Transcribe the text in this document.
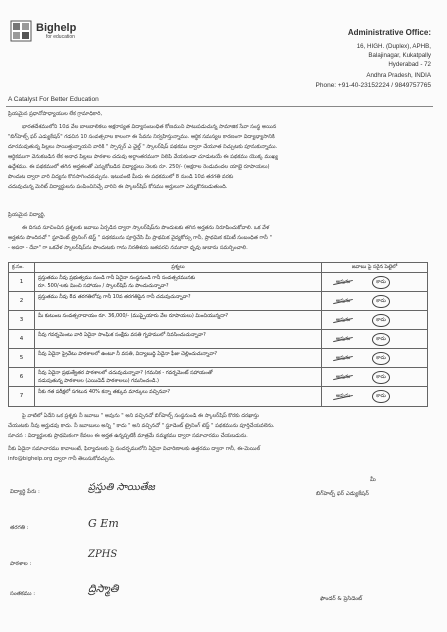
Bighelp
for education	Administrative Office:
16, HIGH. (Duplex), APHB,
Balajinagar, Kukatpally
Hyderabad - 72
Andhra Pradesh, INDIA
Phone: +91-40-23152224 / 9849757765
A Catalyst For Better Education
ప్రియమైన ప్రధానోపాధ్యాయుల లేక గ్రామాధికారి,
భారతదేశములోని 10వ వేల బాలబాలికలు అక్షరాస్యత విద్యాసంబంధిత కోణముని పాటుపడుచున్న సామాజిక సేవా సంస్థ అయిన
"బిగ్‌హెల్ప్ ఫర్ ఎడ్యుకేషన్" గడచిన 10 సంవత్సరాల కాలంగా ఈ సేవను నిర్వహిస్తున్నాము. ఆర్థిక సమస్యల కారణంగా విద్యాభ్యాసానికి
దూరమవుతున్న పిల్లలు సాయిత్తున్నాయని వారికి " స్పాన్సర్ ఎ ఛైల్డ్ " స్కాలర్‌షిప్ పథకము ద్వారా చేయూత నిచ్చుటకు పూనుకున్నాము.
ఆర్థికముగా వెనుకబడిన లేక అనాధ పిల్లలు పాఠశాల చదువు అర్ధాంతరముగా నిలిపి వేయకుండా చూడుటయే ఈ పథకము యొక్క ముఖ్య
ఉద్దేశము. ఈ పథకములో తగిన అర్హతలతో ఎన్నుకోబడిన విద్యార్థులు నెలకు రూ. 250/- (అక్షరాల రెండువందల యాభై రూపాయలు)
పొందుట ద్వారా వారి విద్యను కొనసాగించవచ్చును. ఇటువంటి మీదు ఈ పథకములో 8 నుండి 10వ తరగతి వరకు
చదువుచున్న మెరిట్ విద్యార్థులను పంపించినిచ్చే వారిని ఈ స్కాలర్‌షిప్ కోసము అర్హులుగా ఎన్నుకొనబడుతుంది.
ప్రియమైన విద్యార్థి,
ఈ దిగువ సూచించిన ప్రశ్నలకు జవాబు ఏర్పడిన ద్వారా స్కాలర్‌షిప్‌ను పొందుటకు తగిన అర్హతను నిరూపించుకోవాలి. ఒక వేళ
అర్హతను పొందినచో " స్టూడెంట్ ట్రైనింగ్ టెస్ట్ " పథకమును పూర్తిచేసి మీ ప్రాథమిక వైద్యకోర్సు గానీ, ప్రాథమిక కమిటీ సంబంధిత గానీ "
- అపరా - దేవా" గా ఒకవేళ స్కాలర్‌షిప్‌ను పొందుటకు గాను నిరతిశయ జతపరచి నమూనా ధృవు జుబాను సమర్పించాలి.
క్ర.సం.	ప్రశ్నలు	జవాబు పై సరైన పెట్టెలో
1
ప్రస్తుతము నీవు ప్రభుత్వము నుండి గానీ ఏదైనా సంస్థనుండి గానీ సంవత్సరమునకు
రూ. 500/-లకు మించి సహాయం / స్కాలర్‌షిప్ ను పొందుచున్నావా?
అవును	కాదు
2
ప్రస్తుతము నీవు 8వ తరగతిలోపు గానీ 10వ తరగతిపైన గానీ చదువుచున్నావా?
అవును	కాదు
3
మీ కుటుంబ సంవత్సరాదాయం రూ. 36,000/- (ముప్పైయారు వేల రూపాయలు) మించియున్నదా?
అవును	కాదు
4
నీవు గవర్నమెంటు వారి ఏదైనా సాంఘిక సంక్షేమ వసతి గృహములో నివసించుచున్నావా?
అవును	కాదు
5
నీవు ఏదైనా ప్రైవేటు పాఠశాలలో ఉంటూ నీ వసతి, విద్యాబుద్ధి ఏదైనా ఫీజు చెల్లించుచున్నావా?
అవును	కాదు
6
నీవు ఏదైనా ప్రభుత్వేతర పాఠశాలలో చదువుచున్నావా? (గమనిక - గవర్నమెంట్ సహాయంతో
నడుపుతున్న పాఠశాలల (ఎయిడెడ్ పాఠశాలలు) గమనించండి.)
అవును	కాదు
7
నీకు గత పరీక్షలో సగటున 40% కన్నా తక్కువ మార్కులు వచ్చినవా?
అవును	కాదు
పై వాటిలో ఏదేని ఒక ప్రశ్నకు నీ జవాబు " అవును " అని వచ్చినచో బిగ్‌హెల్ప్ సంస్థనుండి ఈ స్కాలర్‌షిప్ కొరకు దరఖాస్తు
చేయుటకు నీవు అర్హుడవు కాదు. నీ జవాబులు అన్ని " కాదు " అని వచ్చినచో " స్టూడెంట్ ట్రైనింగ్ టెస్ట్ " పథకమును పూర్తిచేయవలెను.
సూచన : విద్యార్థులకు ప్రాథమికంగా కేవలం ఈ అర్హత ఉన్నప్పటికీ మాత్రమే నమ్మకము ద్వారా సమాచారము చేయబడును.
నీకు ఏదైనా సమాచారము కావాలంటే, ఫిర్యాదులకు పై సందర్భములోని ఏదైనా విచారిణాలకు ఉత్తరము ద్వారా గానీ, ఈ-మెయిల్
info@bighelp.org ద్వారా గానీ తెలుసుకోవచ్చును.
విద్యార్థి పేరు :	ప్రస్తుతి సాయితేజ
తరగతి :	G Em
పాఠశాల :
ZPHS
సంతకము :	ద్రిస్మాతి
మీ
బిగ్‌హెల్ప్ ఫర్ ఎడ్యుకేషన్
ఫౌండర్ & ప్రెసిడెంట్
